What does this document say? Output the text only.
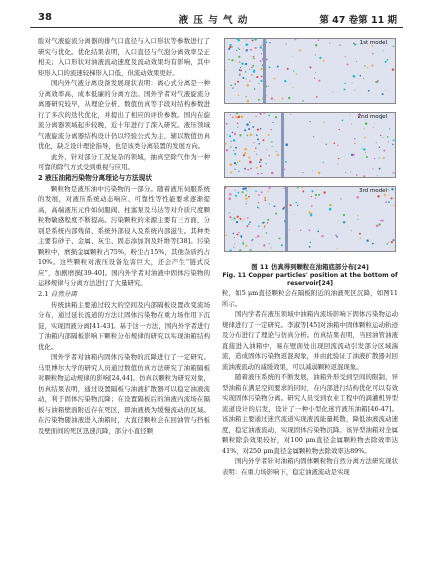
38	液 压 与 气 动	第 47 卷第 11 期

脸对气液旋流分离器的排气口直径与入口形状等参数进行了研究与优化。优化结果表明，入口直径与气泡分离效率呈正相关；入口形状对油液流动速度及流动效果均有影响，其中矩形入口的流速较梯形入口低，但流动效果更好。

国内外气液分离设备发展现状表明：离心式分离是一种分离效率高、成本低廉的分离方法。国外学者对气液旋流分离器研究较早，从理论分析、数值仿真等手段对结构参数进行了多次的迭代优化，并提出了相应的评价参数。国内在旋流分离器领域起步较晚，近十年进行了深入研究。液压领域气液旋流分离器结构设计仍以经验公式为主，辅以数值仿真优化，缺乏设计理论指导，也是该类分离装置的发展方向。

此外，针对部分工况复杂的领域，抽真空除气作为一种可靠的除气方式受到重视与应用。

2 液压油箱污染物分离理论与方法现状

颗粒物是液压油中污染物的一部分。随着液压伺服系统的发展，对液压系统动态响应、可靠性等性能要求逐渐提高，高端液压元件如伺服阀、柱塞泵及马达等对介质尺度颗粒物敏感程度不断提高。污染颗粒的来源主要有三方面，分别是系统内部残留、系统外部侵入及系统内部滋生。其种类主要有砂子、金属、灰尘、固态添加剂及纤维等[38]。污染颗粒中，磨损金属颗粒占75%，粉尘占15%，其他杂质约占10%。这些颗粒对液压设备危害巨大，还会产生“链式反应”，加剧磨损[39-40]。国内外学者对油液中固体污染物的运移规律与分离方法进行了大量研究。

2.1 自然分离

传统油箱主要通过较大的空间及内部隔板设置改变流场分布，通过延长流道的方法让固体污染物在重力场作用下沉淀，实现固液分离[41-43]。基于这一方法，国内外学者进行了油箱内部隔板影响下颗粒分布规律的研究以实现油箱结构优化。

国外学者对油箱内固体污染物的沉降进行了一定研究。马里博尔大学的研究人员通过数值仿真方法研究了油箱隔板对颗粒物运动规律的影响[24,44]。仿真以颗粒为研究对象，仿真结果表明，通过设置隔板与油液扩散器可以稳定油液流动，利于固体污染物沉降；在设置隔板后的油液内流场在隔板与油箱壁面附近存在死区，即油液极为缓慢流动的区域。在污染物随油液进入油箱时，大直径颗粒会在回油管与挡板及壁面间的死区迅速沉降，部分小直径颗

1st model
2nd model
3rd model
图 11 仿真得到颗粒在油箱底部分布[24]
Fig. 11 Copper particles' position at the bottom of reservoir[24]

粒，如5 μm直径颗粒会在隔板附近的油液死区沉降，如图11所示。

国内学者在液压领域中油箱内流场影响下固体污染物运动规律进行了一定研究。李淑等[45]对油箱中固体颗粒运动轨迹及分布进行了理论与仿真分析。仿真结果表明，当回油管油液直接进入油箱中，易在壁面处出现回流流动引发部分区域湍流，造成固体污染物返混现象，并由此验证了油液扩散器对回流油液流动的减缓效果，可以减弱颗粒返混现象。

随着液压系统的不断发展，油箱外形受到空间的限制，异型油箱在满足空间要求的同时，在内部进行结构优化可以有效实现固体污染物分离。研究人员受到农业工程中的滴灌机异型流道设计的启发，设计了一种小型化迷宫液压油箱[46-47]。该油箱主要通过迷宫流道实现液流能量耗散，降低油液流动速度，稳定油液流动，实现固体污染物沉降。该异型油箱对全属颗粒除杂效果较好，对100 μm直径金属颗粒物去除效率达41%，对250 μm直径金属颗粒物去除效率达89%。

国内外学者针对油箱内固体颗粒物自然分离方法研究现状表明：在重力场影响下，稳定油液流动是实现
